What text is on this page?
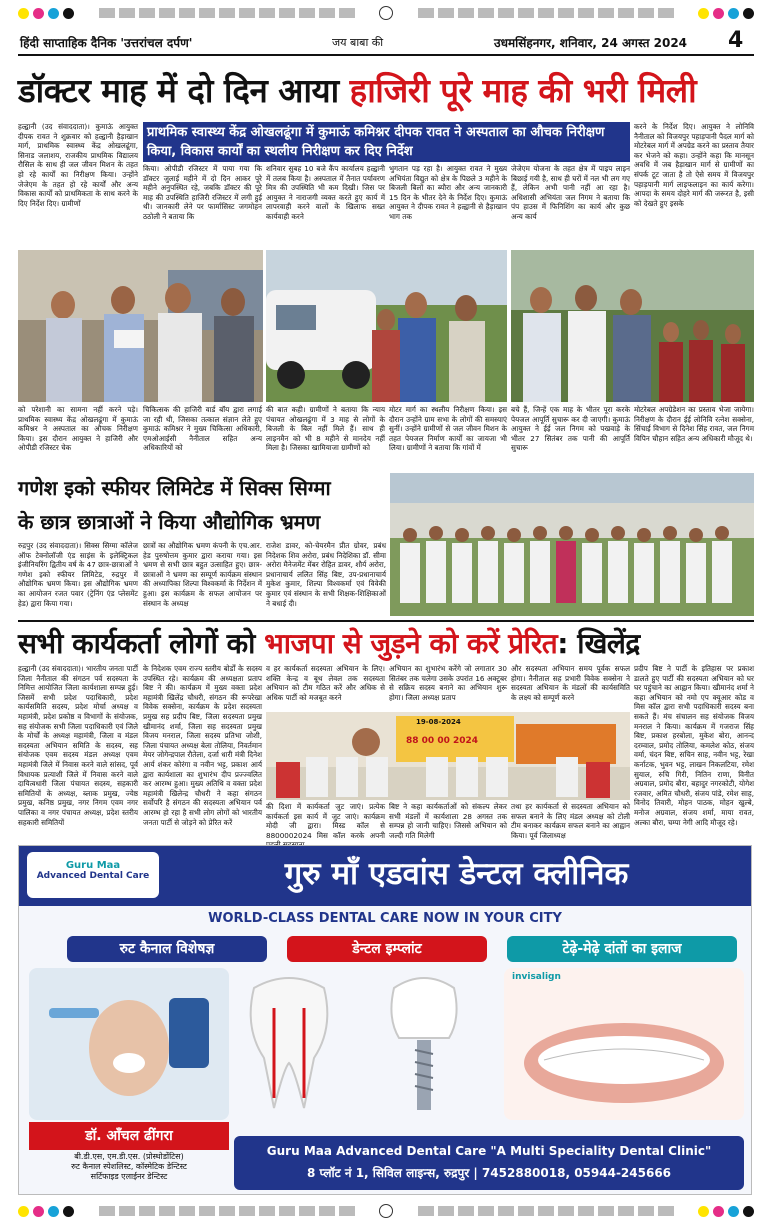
हिंदी साप्ताहिक दैनिक 'उत्तरांचल दर्पण'	जय बाबा की	उधमसिंहनगर, शनिवार, 24 अगस्त 2024 4
डॉक्टर माह में दो दिन आया हाजिरी पूरे माह की भरी मिली
प्राथमिक स्वास्थ्य केंद्र ओखलढूंगा में कुमाऊं कमिश्नर दीपक रावत ने अस्पताल का औचक निरीक्षण किया, विकास कार्यों का स्थलीय निरीक्षण कर दिए निर्देश
हल्द्वानी (उद संवाददाता)। कुमाऊं आयुक्त दीपक रावत ने शुक्रवार को हल्द्वानी हैड़ाखान मार्ग, प्राथमिक स्वास्थ्य केंद्र ओखलढूंगा, सिनाड जलाशय, राजकीय प्राथमिक विद्यालय रौसिल के साथ ही जल जीवन मिशन के तहत हो रहे कार्यों का निरीक्षण किया। उन्होंने जेजेएम के तहत हो रहे कार्यों और अन्य विकास कार्यों को प्राथमिकता के साथ करने के दिए निर्देश दिए। ग्रामीणों
किया। ओपीडी रजिस्टर में पाया गया कि डॉक्टर जुलाई महीने में दो दिन आकर पूरे महीने अनुपस्थित रहे, जबकि डॉक्टर की पूरे माह की उपस्थिति हाजिरी रजिस्टर में लगी हुई थी। जानकारी लेने पर फार्मासिस्ट जगमोहन ठठोली ने बताया कि
शनिवार सुबह 10 बजे कैंप कार्यालय हल्द्वानी में तलब किया है। अस्पताल में तैनात पर्यावरण मित्र की उपस्थिति भी कम दिखी। जिस पर आयुक्त ने नाराजगी व्यक्त करते हुए कार्य में लापरवाही करने वालों के खिलाफ सख्त कार्यवाही करने
भुगतान पड़ रहा है। आयुक्त रावत ने मुख्य अभियंता विद्युत को क्षेत्र के पिछले 3 महीने के बिजली बिलों का ब्यौरा और अन्य जानकारी 15 दिन के भीतर देने के निर्देश दिए। कुमाऊं आयुक्त ने दीपक रावत ने हल्द्वानी से हैड़ाखान भाग तक
जेजेएम योजना के तहत क्षेत्र में पाइप लाइन बिछाई गयी है, साथ ही घरों में नल भी लग गए हैं, लेकिन अभी पानी नहीं आ रहा है। अधिशासी अभियंता जल निगम ने बताया कि पंप हाउस में फिनिशिंग का कार्य और कुछ अन्य कार्य
करने के निर्देश दिए। आयुक्त ने लोनिवि नैनीताल को विजयपुर पहाड़पानी पैदल मार्ग को मोटरेबल मार्ग में अपग्रेड करने का प्रस्ताव तैयार कर भेजने को कहा। उन्होंने कहा कि मानसून अवधि में जब हैड़ाखान मार्ग से ग्रामीणों का संपर्क टूट जाता है तो ऐसे समय में विजयपुर पहाड़पानी मार्ग लाइफलाइन का कार्य करेगा। आपदा के समय दोहरे मार्ग की जरूरत है, इसी को देखते हुए इसके
को परेशानी का सामना नहीं करने पड़े। प्राथमिक स्वास्थ्य केंद्र ओखलढूंगा में कुमाऊं कमिश्नर ने अस्पताल का औचक निरीक्षण किया। इस दौरान आयुक्त ने हाजिरी और ओपीडी रजिस्टर चेक
चिकित्सक की हाजिरी वार्ड बॉय द्वारा लगाई जा रही थी, जिसका तत्काल संज्ञान लेते हुए कुमाऊं कमिश्नर ने मुख्य चिकित्सा अधिकारी, एमओआईसी नैनीताल सहित अन्य अधिकारियों को
की बात कही। ग्रामीणों ने बताया कि न्याय पंचायत ओखलढूंगा में 3 माह से लोगों के बिजली के बिल नहीं मिले हैं। साथ ही लाइनमैन को भी 8 महीने से मानदेय नहीं मिला है। जिसका खामियाजा ग्रामीणों को
मोटर मार्ग का स्थलीय निरीक्षण किया। इस दौरान उन्होंने ग्राम सभा के लोगों की समस्याएं सुनीं। उन्होंने ग्रामीणों से जल जीवन मिशन के तहत पेयजल निर्माण कार्यों का जायजा भी लिया। ग्रामीणों ने बताया कि गांवों में
बचे हैं, जिन्हें एक माह के भीतर पूरा करके पेयजल आपूर्ति सुचारू कर दी जाएगी। कुमाऊं आयुक्त ने ईई जल निगम को पखवाड़े के भीतर 27 सितंबर तक पानी की आपूर्ति सुचारू
मोटरेबल अपग्रेडेशन का प्रस्ताव भेजा जायेगा। निरीक्षण के दौरान ईई लोनिवि रत्नेश सक्सेना, सिंचाई विभाग से दिनेश सिंह रावत, जल निगम विपिन चौहान सहित अन्य अधिकारी मौजूद थे।
गणेश इको स्फीयर लिमिटेड में सिक्स सिग्मा
के छात्र छात्राओं ने किया औद्योगिक भ्रमण
रुद्रपुर (उद संवाददाता)। सिक्स सिग्मा कॉलेज ऑफ टेक्नोलॉजी एंड साइंस के इलेक्ट्रिकल इंजीनियरिंग द्वितीय वर्ष के 47 छात्र-छात्राओं ने गणेश इको स्फीयर लिमिटेड, रुद्रपुर में औद्योगिक भ्रमण किया। इस औद्योगिक भ्रमण का आयोजन रजत पवार (ट्रेनिंग एंड प्लेसमेंट हेड) द्वारा किया गया।
छात्रों का औद्योगिक भ्रमण कंपनी के एच.आर. हेड पुरुषोत्तम कुमार द्वारा कराया गया। इस भ्रमण से सभी छात्र बहुत उत्साहित हुए। छात्र-छात्राओं ने भ्रमण का सम्पूर्ण कार्यक्रम संस्थान की अध्यापिका शिल्पा विश्वकर्मा के निर्देशन में हुआ। इस कार्यक्रम के सफल आयोजन पर संस्थान के अध्यक्ष
राजेश डावर, को-चेयरमैन प्रीत ग्रोवर, प्रबंध निदेशक शिव अरोरा, प्रबंध निदेशिका डॉ. सीमा अरोरा मैनेजमेंट मेंबर रोहित डावर, शौर्य अरोरा, प्रधानाचार्य ललित सिंह बिष्ट, उप-प्रधानाचार्य मुकेश कुमार, शिल्पा विश्वकर्मा एवं विवेकी कुमार एवं संस्थान के सभी शिक्षक-शिक्षिकाओं ने बधाई दी।
सभी कार्यकर्ता लोगों को भाजपा से जुड़ने को करें प्रेरित: खिलेंद्र
हल्द्वानी (उद संवाददाता)। भारतीय जनता पार्टी जिला नैनीताल की संगठन पर्व सदस्यता के निमित्त आयोजित जिला कार्यशाला सम्पन्न हुई। जिसमें सभी प्रदेश पदाधिकारी, प्रदेश कार्यसमिति सदस्य, प्रदेश मोर्चा अध्यक्ष व महामंत्री, प्रदेश प्रकोष्ठ व विभागों के संयोजक, सह संयोजक सभी जिला पदाधिकारी एवं जिले के मोर्चों के अध्यक्ष महामंत्री, जिला व मंडल सदस्यता अभियान समिति के सदस्य, सह संयोजक एवम सदस्य मंडल अध्यक्ष एवम महामंत्री जिले में निवास करने वाले सांसद, पूर्व विधायक प्रत्याशी जिले में निवास करने वाले दायित्वधारी जिला पंचायत सदस्य, सहकारी समितियों के अध्यक्ष, ब्लाक प्रमुख, ज्येष्ठ प्रमुख, कनिष्ठ प्रमुख, नगर निगम एवम नगर पालिका व नगर पंचायत अध्यक्ष, प्रदेश स्तरीय सहकारी समितियों
के निदेशक एवम राज्य स्तरीय बोर्डों के सदस्य उपस्थित रहे। कार्यक्रम की अध्यक्षता प्रताप बिष्ट ने की। कार्यक्रम में मुख्य वक्ता प्रदेश महामंत्री खिलेंद्र चौधरी, संगठन की रूपरेखा विवेक सक्सेना, कार्यक्रम के प्रदेश सदस्यता प्रमुख सह प्रदीप बिष्ट, जिला सदस्यता प्रमुख खीमानंद शर्मा, जिला सह सदस्यता प्रमुख विजय मनराल, जिला सदस्य प्रतिभा जोशी, जिला पंचायत अध्यक्ष बेला तोलिया, निवर्तमान मेयर जोगेन्द्रपाल रौतेला, दर्जा धारी मंत्री दिनेश आर्य शंकर कोरंगा व नवीन भट्ट, प्रकाश आर्य द्वारा कार्यशाला का शुभारंभ दीप प्रज्ज्वलित कर आरम्भ हुआ। मुख्य अतिथि व वक्ता प्रदेश महामंत्री खिलेन्द्र चौधरी ने कहा संगठन सर्वोपरि है संगठन की सदस्यता अभियान पर्व आरम्भ हो रहा है सभी लोग लोगों को भारतीय जनता पार्टी से जोड़ने को प्रेरित करें
व हर कार्यकर्ता सदस्यता अभियान के लिए। शक्ति केन्द्र व बूथ लेवल तक सदस्यता अभियान को टीम गठित करें और अधिक से अधिक पार्टी को मजबूत करने
अभियान का शुभारंभ करेंगे जो लगातार 30 सितंबर तक चलेगा उसके उपरांत 16 अक्टूबर से सक्रिय सदस्य बनाने का अभियान शुरू होगा। जिला अध्यक्ष प्रताप
और सदस्यता अभियान समय पूर्वक सफल होगा। नैनीताल सह प्रभारी विवेक सक्सेना ने सदस्यता अभियान के मंडलों की कार्यसमिति के लक्ष्य को सम्पूर्ण करने
प्रदीप बिष्ट ने पार्टी के इतिहास पर प्रकाश डालते हुए पार्टी की सदस्यता अभियान को घर घर पहुंचाने का आह्वान किया। खीमानंद शर्मा ने कहा अभियान को नमो एप क्यूआर कोड व मिस कॉल द्वारा सभी पदाधिकारी सदस्य बना सकते हैं। मंच संचालन सह संयोजक विजय मनराल ने किया। कार्यक्रम में गजराज सिंह बिष्ट, प्रकाश हरबोला, मुकेश बोरा, आनन्द दरम्वाल, प्रमोद तोलिया, कमलेश कोठ, संजय वर्मा, चंदन बिष्ट, सचिन साह, नवीन भट्ट, रेखा कर्नाटक, भुवन भट्ट, लाखन निकलटिया, रमेश सुयाल, रुचि गिरी, नितिन राणा, विनीत अग्रवाल, प्रमोद बौरा, बहादुर नगरकोटी, योगेश रजवार, अमित चौधरी, संजय पांडे, रमेश साह, विनोद तिवारी, मोहन पाठक, मोहन खुल्बे, मनोज अग्रवाल, संजय शर्मा, माया रावत, अल्का बौरा, चम्पा नेगी आदि मौजूद रहे।
19-08-2024
88 00 00 2024
की दिशा में कार्यकर्ता जुट जाएं। प्रत्येक कार्यकर्ता इस कार्य में जुट जाएं। कार्यक्रम मोदी जी द्वारा। मिस्ड कॉल से 8800002024 मिस कॉल करके अपनी
बिष्ट ने कहा कार्यकर्ताओं को संकल्प लेकर सभी मंडलों में कार्यशाला 28 अगस्त तक सम्पन्न हो जानी चाहिए। जिससे अभियान को जल्दी गति मिलेगी
तथा हर कार्यकर्ता से सदस्यता अभियान को सफल बनाने के लिए मंडल अध्यक्ष को टोली टीम बनाकर कार्यक्रम सफल बनाने का आह्वान किया। पूर्व जिलाध्यक्ष
Guru Maa
Advanced Dental Care	गुरु माँ एडवांस डेन्टल क्लीनिक
WORLD-CLASS DENTAL CARE NOW IN YOUR CITY
रुट कैनाल विशेषज्ञ	डेन्टल इम्प्लांट	टेढ़े-मेढ़े दांतों का इलाज
invisalign
डॉ. आँचल ढींगरा
बी.डी.एस, एम.डी.एस. (प्रोस्थोडोंटिस)
रुट कैनाल स्पेशलिस्ट, कॉस्मेटिक डेन्टिस्ट
सर्टिफाइड एलाईनर डेन्टिस्ट
Guru Maa Advanced Dental Care "A Multi Speciality Dental Clinic"
8 प्लॉट नं 1, सिविल लाइन्स, रुद्रपुर | 7452880018, 05944-245666
